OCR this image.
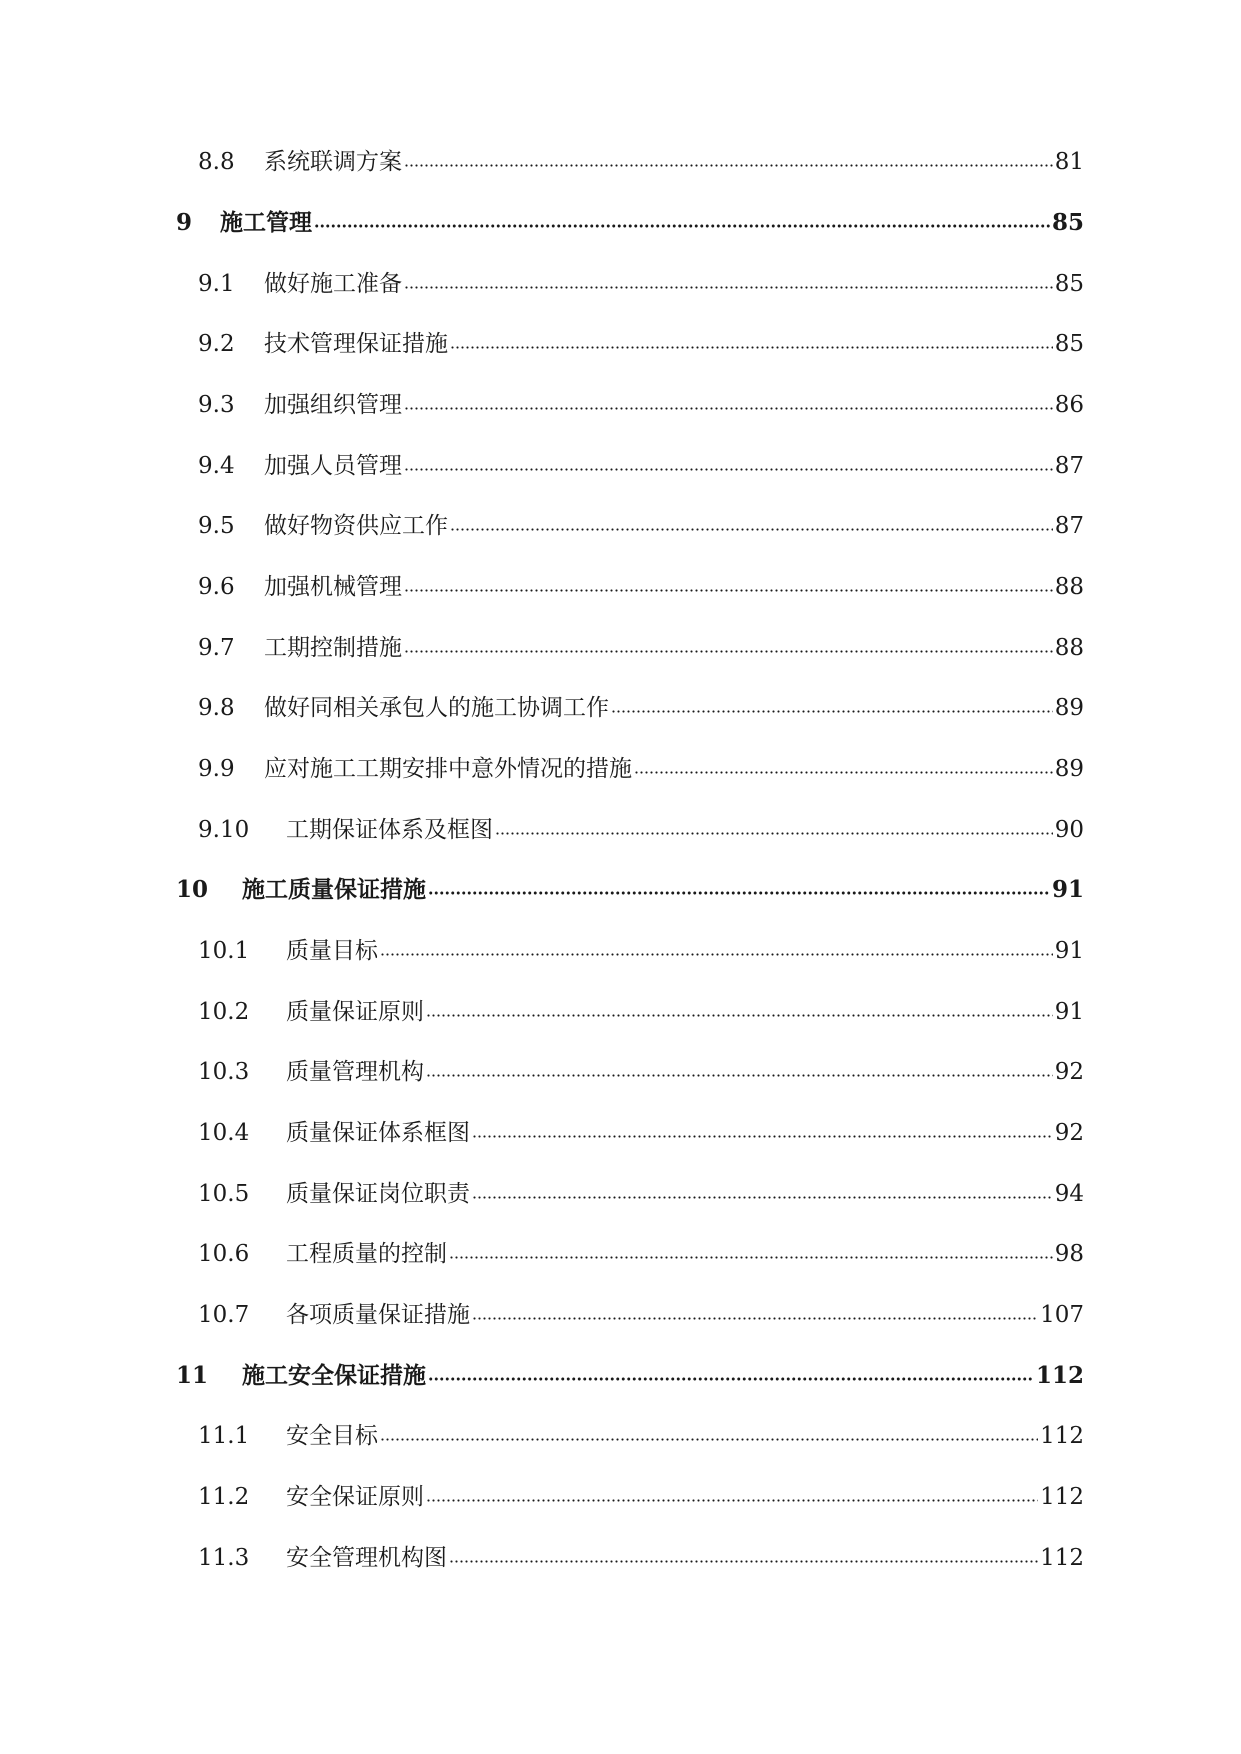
8.8	系统联调方案	81
9	施工管理	85
9.1	做好施工准备	85
9.2	技术管理保证措施	85
9.3	加强组织管理	86
9.4	加强人员管理	87
9.5	做好物资供应工作	87
9.6	加强机械管理	88
9.7	工期控制措施	88
9.8	做好同相关承包人的施工协调工作	89
9.9	应对施工工期安排中意外情况的措施	89
9.10	工期保证体系及框图	90
10	施工质量保证措施	91
10.1	质量目标	91
10.2	质量保证原则	91
10.3	质量管理机构	92
10.4	质量保证体系框图	92
10.5	质量保证岗位职责	94
10.6	工程质量的控制	98
10.7	各项质量保证措施	107
11	施工安全保证措施	112
11.1	安全目标	112
11.2	安全保证原则	112
11.3	安全管理机构图	112
